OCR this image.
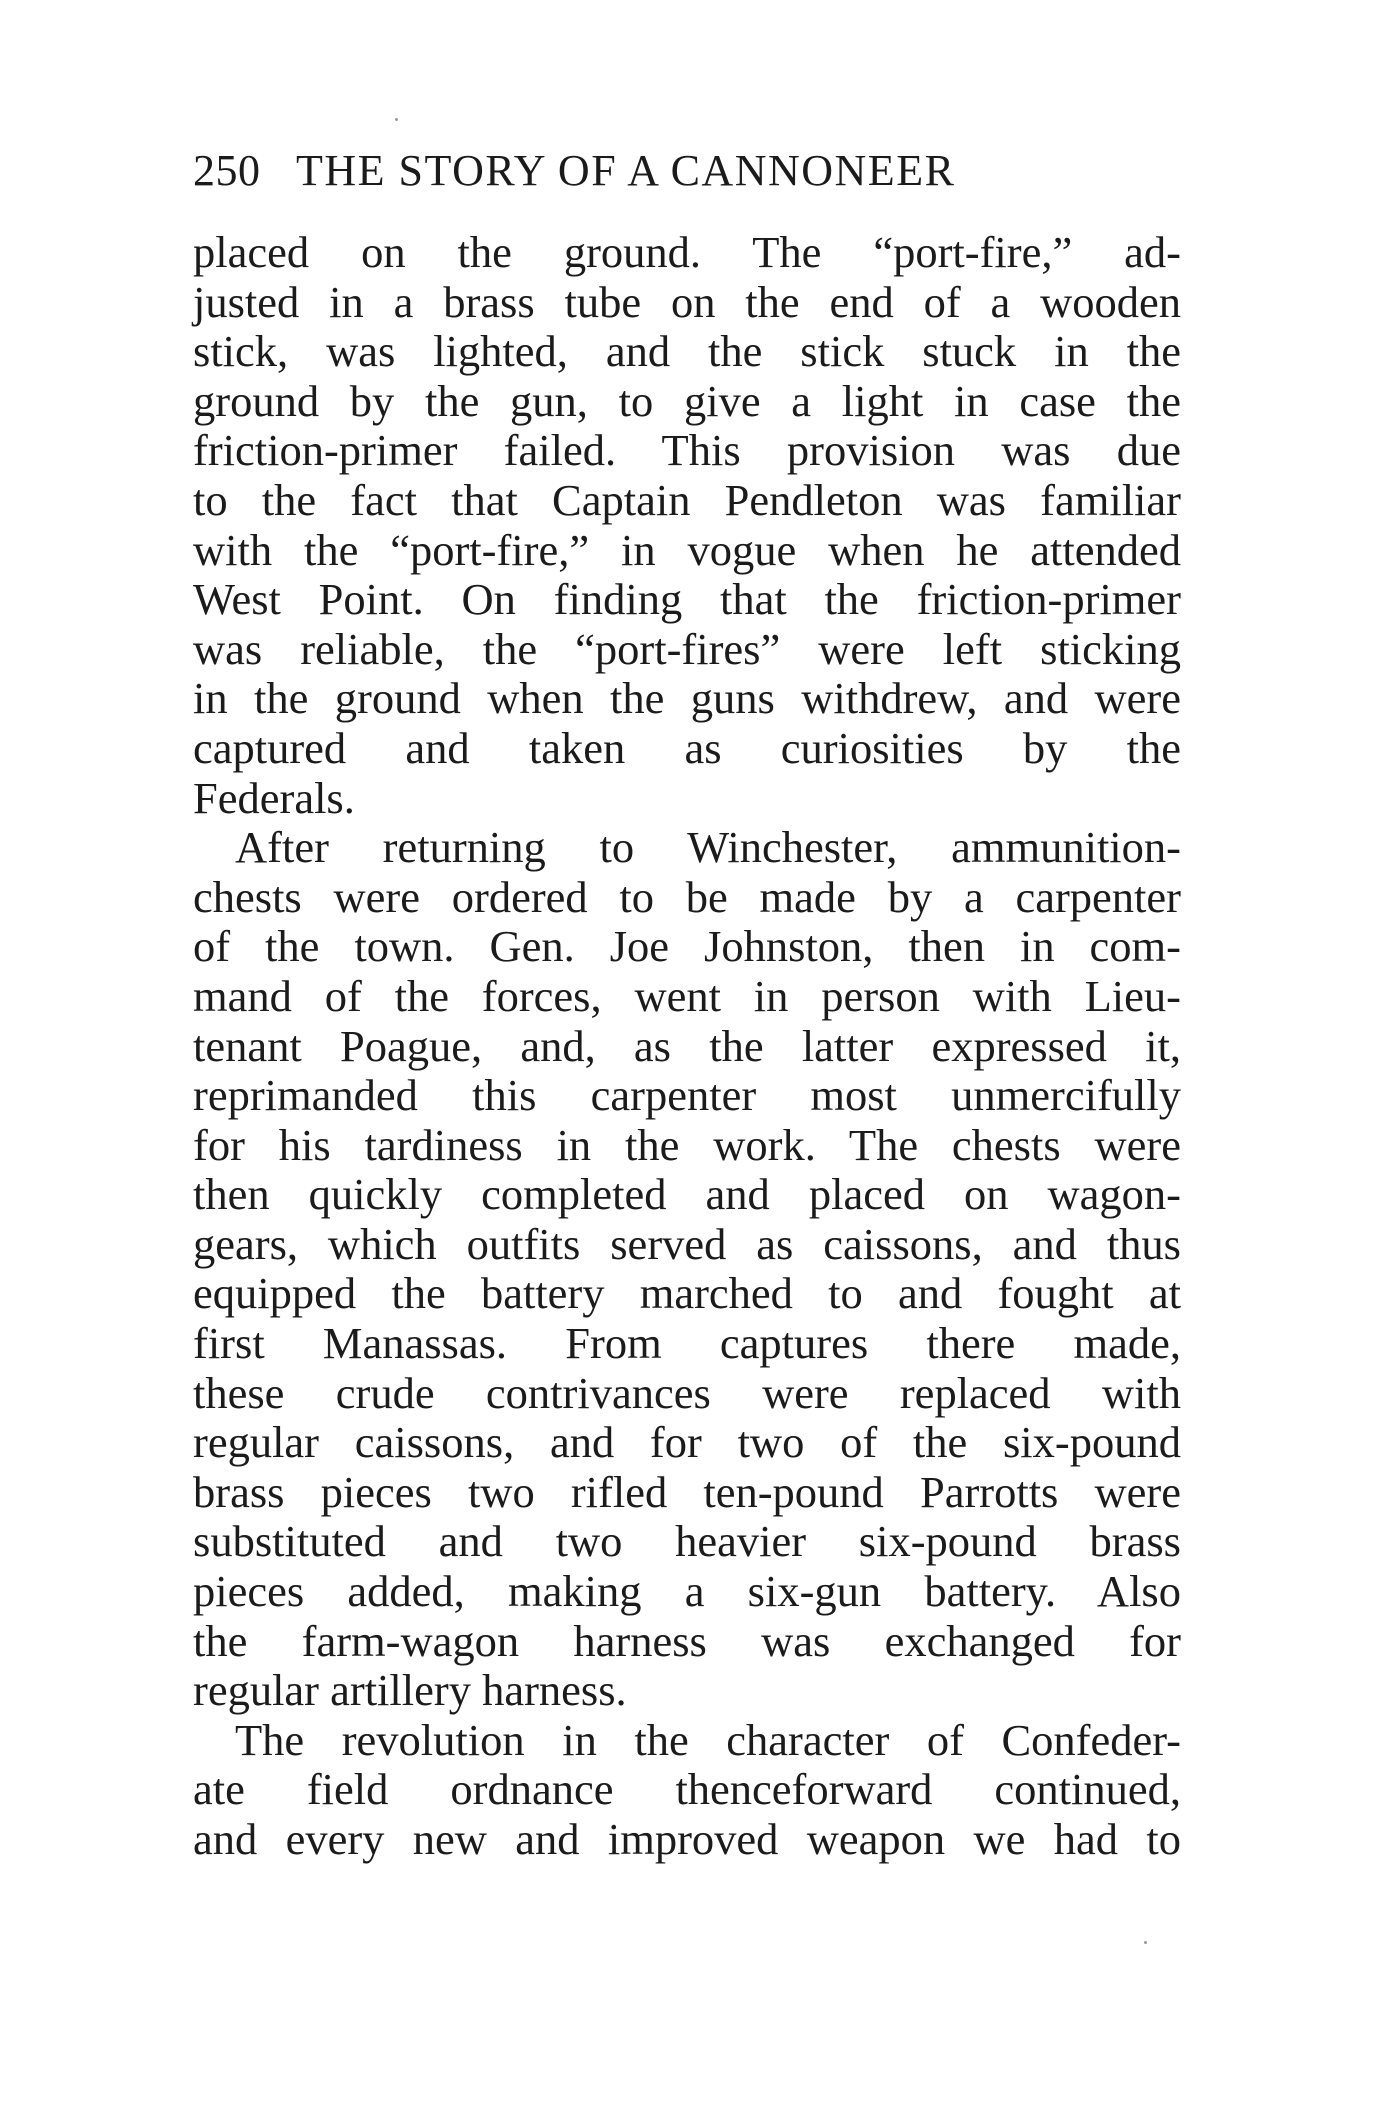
250 THE STORY OF A CANNONEER
placed on the ground. The “port-fire,” ad-
justed in a brass tube on the end of a wooden
stick, was lighted, and the stick stuck in the
ground by the gun, to give a light in case the
friction-primer failed. This provision was due
to the fact that Captain Pendleton was familiar
with the “port-fire,” in vogue when he attended
West Point. On finding that the friction-primer
was reliable, the “port-fires” were left sticking
in the ground when the guns withdrew, and were
captured and taken as curiosities by the
Federals.
After returning to Winchester, ammunition-
chests were ordered to be made by a carpenter
of the town. Gen. Joe Johnston, then in com-
mand of the forces, went in person with Lieu-
tenant Poague, and, as the latter expressed it,
reprimanded this carpenter most unmercifully
for his tardiness in the work. The chests were
then quickly completed and placed on wagon-
gears, which outfits served as caissons, and thus
equipped the battery marched to and fought at
first Manassas. From captures there made,
these crude contrivances were replaced with
regular caissons, and for two of the six-pound
brass pieces two rifled ten-pound Parrotts were
substituted and two heavier six-pound brass
pieces added, making a six-gun battery. Also
the farm-wagon harness was exchanged for
regular artillery harness.
The revolution in the character of Confeder-
ate field ordnance thenceforward continued,
and every new and improved weapon we had to
